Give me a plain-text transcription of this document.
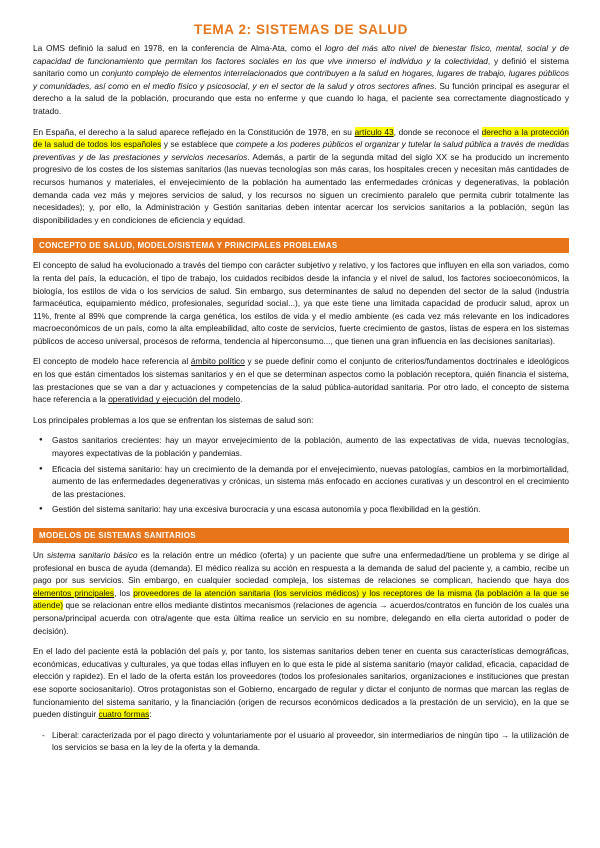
TEMA 2: SISTEMAS DE SALUD

La OMS definió la salud en 1978, en la conferencia de Alma-Ata, como el logro del más alto nivel de bienestar físico, mental, social y de capacidad de funcionamiento que permitan los factores sociales en los que vive inmerso el individuo y la colectividad, y definió el sistema sanitario como un conjunto complejo de elementos interrelacionados que contribuyen a la salud en hogares, lugares de trabajo, lugares públicos y comunidades, así como en el medio físico y psicosocial, y en el sector de la salud y otros sectores afines. Su función principal es asegurar el derecho a la salud de la población, procurando que esta no enferme y que cuando lo haga, el paciente sea correctamente diagnosticado y tratado.

En España, el derecho a la salud aparece reflejado en la Constitución de 1978, en su artículo 43, donde se reconoce el derecho a la protección de la salud de todos los españoles y se establece que compete a los poderes públicos el organizar y tutelar la salud pública a través de medidas preventivas y de las prestaciones y servicios necesarios. Además, a partir de la segunda mitad del siglo XX se ha producido un incremento progresivo de los costes de los sistemas sanitarios (las nuevas tecnologías son más caras, los hospitales crecen y necesitan más cantidades de recursos humanos y materiales, el envejecimiento de la población ha aumentado las enfermedades crónicas y degenerativas, la población demanda cada vez más y mejores servicios de salud, y los recursos no siguen un crecimiento paralelo que permita cubrir totalmente las necesidades); y, por ello, la Administración y Gestión sanitarias deben intentar acercar los servicios sanitarios a la población, según las disponibilidades y en condiciones de eficiencia y equidad.

CONCEPTO DE SALUD, MODELO/SISTEMA Y PRINCIPALES PROBLEMAS

El concepto de salud ha evolucionado a través del tiempo con carácter subjetivo y relativo, y los factores que influyen en ella son variados, como la renta del país, la educación, el tipo de trabajo, los cuidados recibidos desde la infancia y el nivel de salud, los factores socioeconómicos, la biología, los estilos de vida o los servicios de salud. Sin embargo, sus determinantes de salud no dependen del sector de la salud (industria farmacéutica, equipamiento médico, profesionales, seguridad social...), ya que este tiene una limitada capacidad de producir salud, aprox un 11%, frente al 89% que comprende la carga genética, los estilos de vida y el medio ambiente (es cada vez más relevante en los indicadores macroeconómicos de un país, como la alta empleabilidad, alto coste de servicios, fuerte crecimiento de gastos, listas de espera en los sistemas públicos de acceso universal, procesos de reforma, tendencia al hiperconsumo..., que tienen una gran influencia en las decisiones sanitarias).

El concepto de modelo hace referencia al ámbito político y se puede definir como el conjunto de criterios/fundamentos doctrinales e ideológicos en los que están cimentados los sistemas sanitarios y en el que se determinan aspectos como la población receptora, quién financia el sistema, las prestaciones que se van a dar y actuaciones y competencias de la salud pública-autoridad sanitaria. Por otro lado, el concepto de sistema hace referencia a la operatividad y ejecución del modelo.

Los principales problemas a los que se enfrentan los sistemas de salud son:

● Gastos sanitarios crecientes: hay un mayor envejecimiento de la población, aumento de las expectativas de vida, nuevas tecnologías, mayores expectativas de la población y pandemias.
● Eficacia del sistema sanitario: hay un crecimiento de la demanda por el envejecimiento, nuevas patologías, cambios en la morbimortalidad, aumento de las enfermedades degenerativas y crónicas, un sistema más enfocado en acciones curativas y un descontrol en el crecimiento de las prestaciones.
● Gestión del sistema sanitario: hay una excesiva burocracia y una escasa autonomía y poca flexibilidad en la gestión.
MODELOS DE SISTEMAS SANITARIOS

Un sistema sanitario básico es la relación entre un médico (oferta) y un paciente que sufre una enfermedad/tiene un problema y se dirige al profesional en busca de ayuda (demanda). El médico realiza su acción en respuesta a la demanda de salud del paciente y, a cambio, recibe un pago por sus servicios. Sin embargo, en cualquier sociedad compleja, los sistemas de relaciones se complican, haciendo que haya dos elementos principales, los proveedores de la atención sanitaria (los servicios médicos) y los receptores de la misma (la población a la que se atiende) que se relacionan entre ellos mediante distintos mecanismos (relaciones de agencia → acuerdos/contratos en función de los cuales una persona/principal acuerda con otra/agente que esta última realice un servicio en su nombre, delegando en ella cierta autoridad o poder de decisión).

En el lado del paciente está la población del país y, por tanto, los sistemas sanitarios deben tener en cuenta sus características demográficas, económicas, educativas y culturales, ya que todas ellas influyen en lo que esta le pide al sistema sanitario (mayor calidad, eficacia, capacidad de elección y rapidez). En el lado de la oferta están los proveedores (todos los profesionales sanitarios, organizaciones e instituciones que prestan ese soporte sociosanitario). Otros protagonistas son el Gobierno, encargado de regular y dictar el conjunto de normas que marcan las reglas de funcionamiento del sistema sanitario, y la financiación (origen de recursos económicos dedicados a la prestación de un servicio), en la que se pueden distinguir cuatro formas:

- Liberal: caracterizada por el pago directo y voluntariamente por el usuario al proveedor, sin intermediarios de ningún tipo → la utilización de los servicios se basa en la ley de la oferta y la demanda.
